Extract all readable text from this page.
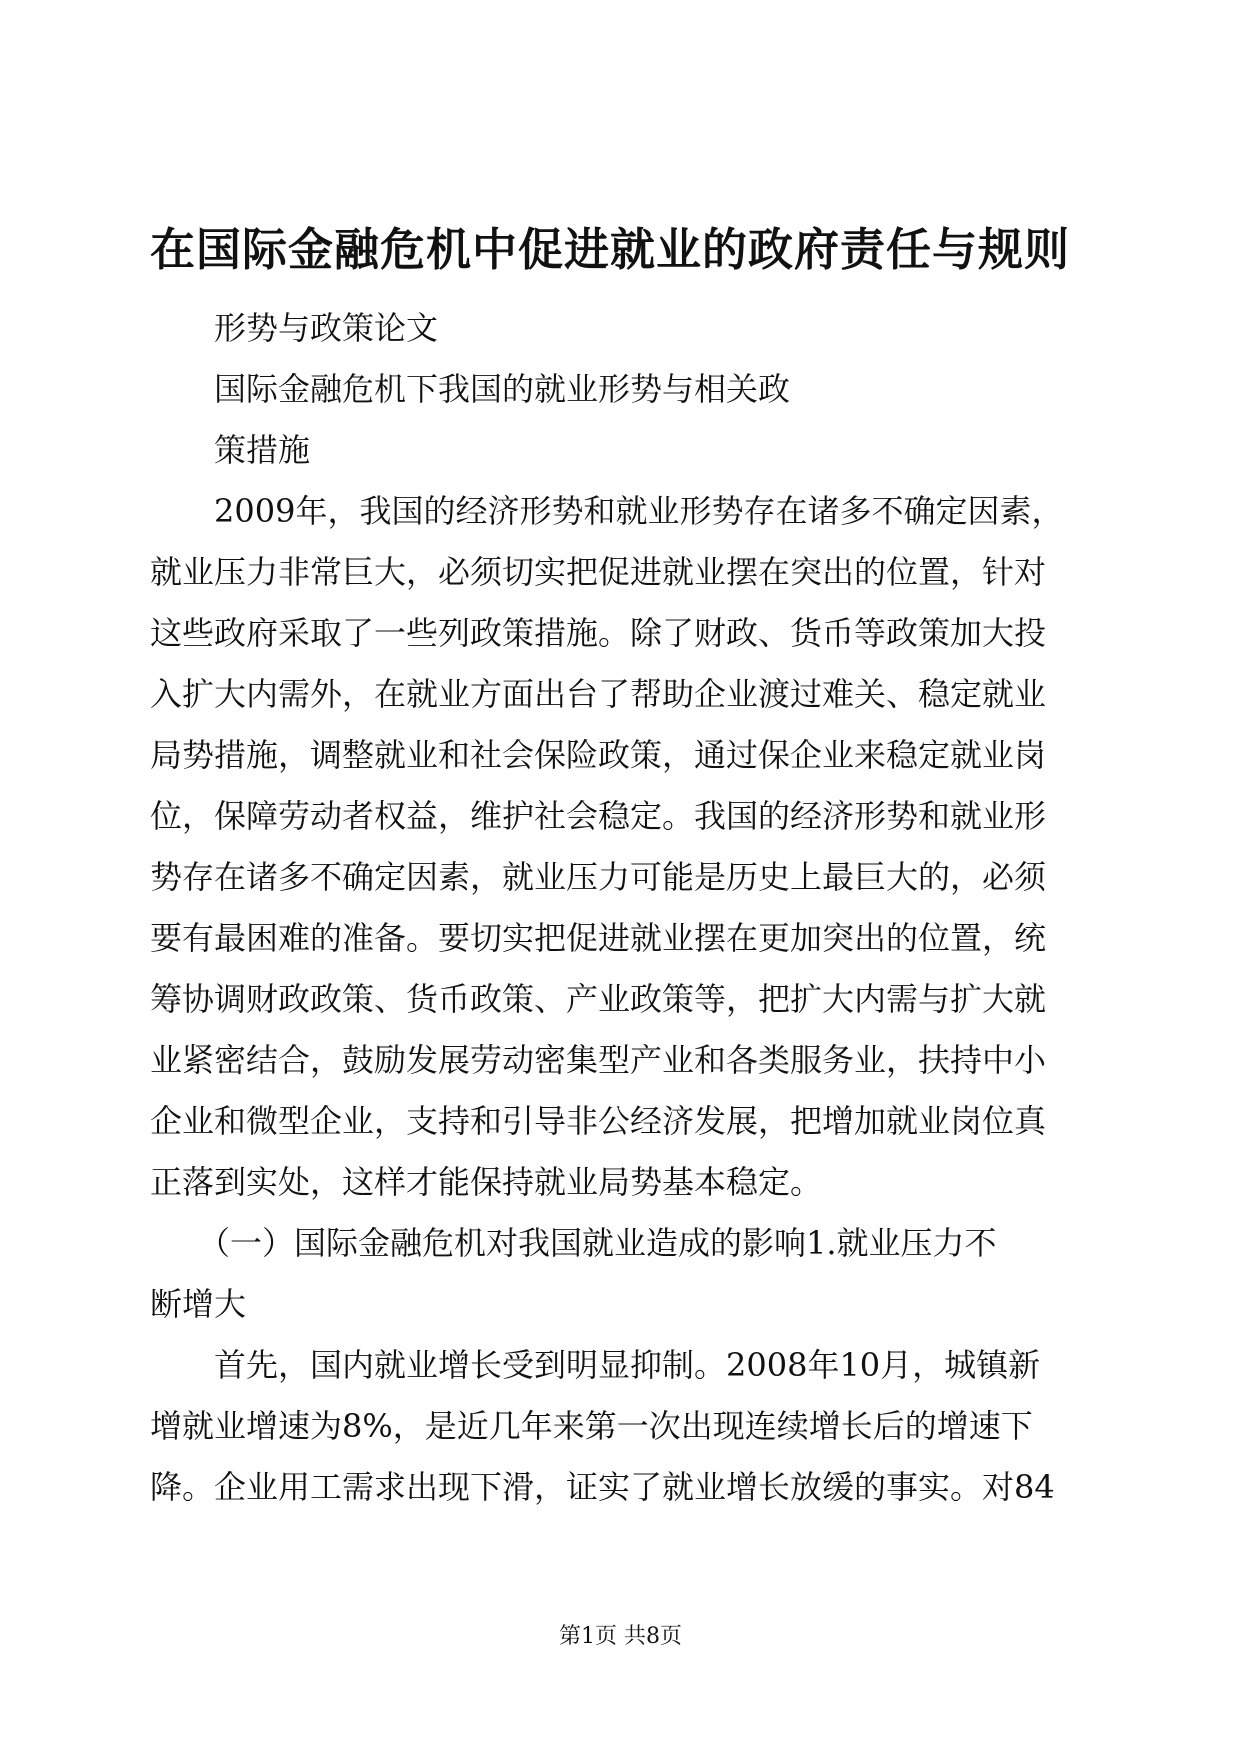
在国际金融危机中促进就业的政府责任与规则
　　形势与政策论文
　　国际金融危机下我国的就业形势与相关政
　　策措施
　　2009年，我国的经济形势和就业形势存在诸多不确定因素，
就业压力非常巨大，必须切实把促进就业摆在突出的位置，针对
这些政府采取了一些列政策措施。除了财政、货币等政策加大投
入扩大内需外，在就业方面出台了帮助企业渡过难关、稳定就业
局势措施，调整就业和社会保险政策，通过保企业来稳定就业岗
位，保障劳动者权益，维护社会稳定。我国的经济形势和就业形
势存在诸多不确定因素，就业压力可能是历史上最巨大的，必须
要有最困难的准备。要切实把促进就业摆在更加突出的位置，统
筹协调财政政策、货币政策、产业政策等，把扩大内需与扩大就
业紧密结合，鼓励发展劳动密集型产业和各类服务业，扶持中小
企业和微型企业，支持和引导非公经济发展，把增加就业岗位真
正落到实处，这样才能保持就业局势基本稳定。
　　（一）国际金融危机对我国就业造成的影响1.就业压力不
断增大
　　首先，国内就业增长受到明显抑制。2008年10月，城镇新
增就业增速为8%，是近几年来第一次出现连续增长后的增速下
降。企业用工需求出现下滑，证实了就业增长放缓的事实。对84
第1页 共8页
